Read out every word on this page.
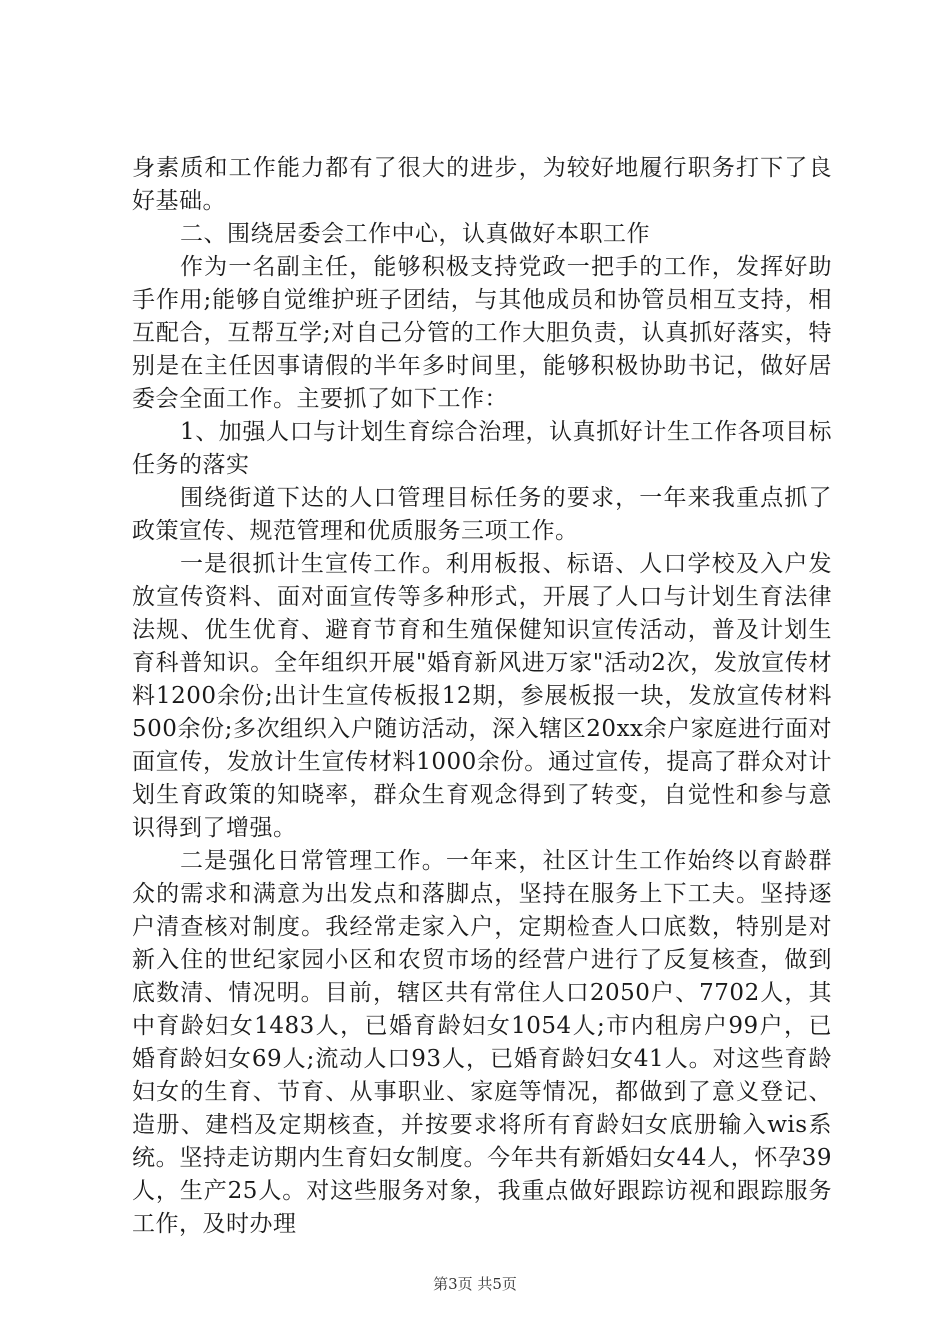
身素质和工作能力都有了很大的进步，为较好地履行职务打下了良好基础。

二、围绕居委会工作中心，认真做好本职工作

作为一名副主任，能够积极支持党政一把手的工作，发挥好助手作用;能够自觉维护班子团结，与其他成员和协管员相互支持，相互配合，互帮互学;对自己分管的工作大胆负责，认真抓好落实，特别是在主任因事请假的半年多时间里，能够积极协助书记，做好居委会全面工作。主要抓了如下工作：

1、加强人口与计划生育综合治理，认真抓好计生工作各项目标任务的落实

围绕街道下达的人口管理目标任务的要求，一年来我重点抓了政策宣传、规范管理和优质服务三项工作。

一是很抓计生宣传工作。利用板报、标语、人口学校及入户发放宣传资料、面对面宣传等多种形式，开展了人口与计划生育法律法规、优生优育、避育节育和生殖保健知识宣传活动，普及计划生育科普知识。全年组织开展"婚育新风进万家"活动2次，发放宣传材料1200余份;出计生宣传板报12期，参展板报一块，发放宣传材料500余份;多次组织入户随访活动，深入辖区20xx余户家庭进行面对面宣传，发放计生宣传材料1000余份。通过宣传，提高了群众对计划生育政策的知晓率，群众生育观念得到了转变，自觉性和参与意识得到了增强。

二是强化日常管理工作。一年来，社区计生工作始终以育龄群众的需求和满意为出发点和落脚点，坚持在服务上下工夫。坚持逐户清查核对制度。我经常走家入户，定期检查人口底数，特别是对新入住的世纪家园小区和农贸市场的经营户进行了反复核查，做到底数清、情况明。目前，辖区共有常住人口2050户、7702人，其中育龄妇女1483人，已婚育龄妇女1054人;市内租房户99户，已婚育龄妇女69人;流动人口93人，已婚育龄妇女41人。对这些育龄妇女的生育、节育、从事职业、家庭等情况，都做到了意义登记、造册、建档及定期核查，并按要求将所有育龄妇女底册输入wis系统。坚持走访期内生育妇女制度。今年共有新婚妇女44人，怀孕39人，生产25人。对这些服务对象，我重点做好跟踪访视和跟踪服务工作，及时办理

第3页 共5页
